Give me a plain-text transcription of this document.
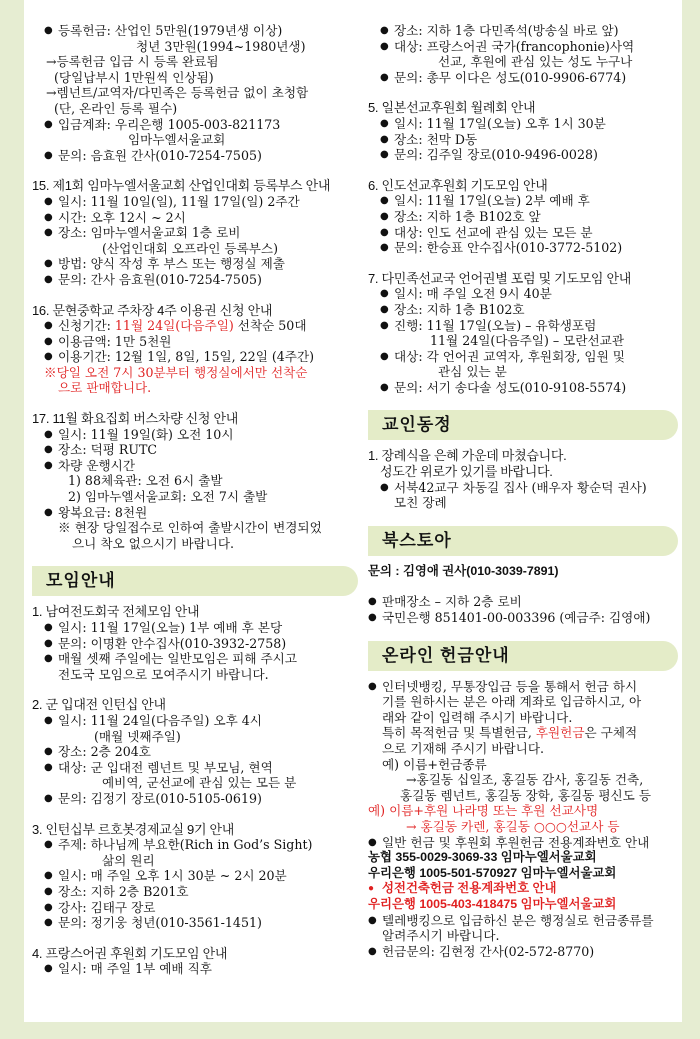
● 등록헌금: 산업인 5만원(1979년생 이상)
청년 3만원(1994~1980년생)
→등록헌금 입금 시 등록 완료됨
(당일납부시 1만원씩 인상됨)
→렘넌트/교역자/다민족은 등록헌금 없이 초청함
(단, 온라인 등록 필수)
● 입금계좌: 우리은행 1005-003-821173
임마누엘서울교회
● 문의: 음효원 간사(010-7254-7505)
15. 제1회 임마누엘서울교회 산업인대회 등록부스 안내
● 일시: 11월 10일(일), 11월 17일(일) 2주간
● 시간: 오후 12시 ~ 2시
● 장소: 임마누엘서울교회 1층 로비
(산업인대회 오프라인 등록부스)
● 방법: 양식 작성 후 부스 또는 행정실 제출
● 문의: 간사 음효원(010-7254-7505)
16. 문현중학교 주차장 4주 이용권 신청 안내
● 신청기간: 11월 24일(다음주일) 선착순 50대
● 이용금액: 1만 5천원
● 이용기간: 12월 1일, 8일, 15일, 22일 (4주간)
※당일 오전 7시 30분부터 행정실에서만 선착순
으로 판매합니다.
17. 11월 화요집회 버스차량 신청 안내
● 일시: 11월 19일(화) 오전 10시
● 장소: 덕평 RUTC
● 차량 운행시간
1) 88체육관: 오전 6시 출발
2) 임마누엘서울교회: 오전 7시 출발
● 왕복요금: 8천원
※ 현장 당일접수로 인하여 출발시간이 변경되었
으니 착오 없으시기 바랍니다.
모임안내
1. 남여전도회국 전체모임 안내
● 일시: 11월 17일(오늘) 1부 예배 후 본당
● 문의: 이명환 안수집사(010-3932-2758)
● 매월 셋째 주일에는 일반모임은 피해 주시고
전도국 모임으로 모여주시기 바랍니다.
2. 군 입대전 인턴십 안내
● 일시: 11월 24일(다음주일) 오후 4시
(매월 넷째주일)
● 장소: 2층 204호
● 대상: 군 입대전 렘넌트 및 부모님, 현역
예비역, 군선교에 관심 있는 모든 분
● 문의: 김정기 장로(010-5105-0619)
3. 인턴십부 르호봇경제교실 9기 안내
● 주제: 하나님께 부요한(Rich in God’s Sight)
삶의 원리
● 일시: 매 주일 오후 1시 30분 ~ 2시 20분
● 장소: 지하 2층 B201호
● 강사: 김태구 장로
● 문의: 정기웅 청년(010-3561-1451)
4. 프랑스어권 후원회 기도모임 안내
● 일시: 매 주일 1부 예배 직후
● 장소: 지하 1층 다민족석(방송실 바로 앞)
● 대상: 프랑스어권 국가(francophonie)사역
선교, 후원에 관심 있는 성도 누구나
● 문의: 총무 이다은 성도(010-9906-6774)
5. 일본선교후원회 월례회 안내
● 일시: 11월 17일(오늘) 오후 1시 30분
● 장소: 천막 D동
● 문의: 김주일 장로(010-9496-0028)
6. 인도선교후원회 기도모임 안내
● 일시: 11월 17일(오늘) 2부 예배 후
● 장소: 지하 1층 B102호 앞
● 대상: 인도 선교에 관심 있는 모든 분
● 문의: 한승표 안수집사(010-3772-5102)
7. 다민족선교국 언어권별 포럼 및 기도모임 안내
● 일시: 매 주일 오전 9시 40분
● 장소: 지하 1층 B102호
● 진행: 11월 17일(오늘) – 유학생포럼
11월 24일(다음주일) – 모란선교관
● 대상: 각 언어권 교역자, 후원회장, 임원 및
관심 있는 분
● 문의: 서기 송다솔 성도(010-9108-5574)
교인동정
1. 장례식을 은혜 가운데 마쳤습니다.
성도간 위로가 있기를 바랍니다.
● 서북42교구 차동길 집사 (배우자 황순덕 권사)
모친 장례
북스토아
문의 : 김영애 권사(010-3039-7891)
● 판매장소 – 지하 2층 로비
● 국민은행 851401-00-003396 (예금주: 김영애)
온라인 헌금안내
● 인터넷뱅킹, 무통장입금 등을 통해서 헌금 하시
기를 원하시는 분은 아래 계좌로 입금하시고, 아
래와 같이 입력해 주시기 바랍니다.
특히 목적헌금 및 특별헌금, 후원헌금은 구체적
으로 기재해 주시기 바랍니다.
예) 이름+헌금종류
→홍길동 십일조, 홍길동 감사, 홍길동 건축,
홍길동 렘넌트, 홍길동 장학, 홍길동 평신도 등
예) 이름+후원 나라명 또는 후원 선교사명
→ 홍길동 카렌, 홍길동 ○○○선교사 등
● 일반 헌금 및 후원회 후원헌금 전용계좌번호 안내
농협 355-0029-3069-33 임마누엘서울교회
우리은행 1005-501-570927 임마누엘서울교회
● 성전건축헌금 전용계좌번호 안내
우리은행 1005-403-418475 임마누엘서울교회
● 텔레뱅킹으로 입금하신 분은 행정실로 헌금종류를
알려주시기 바랍니다.
● 헌금문의: 김현정 간사(02-572-8770)
